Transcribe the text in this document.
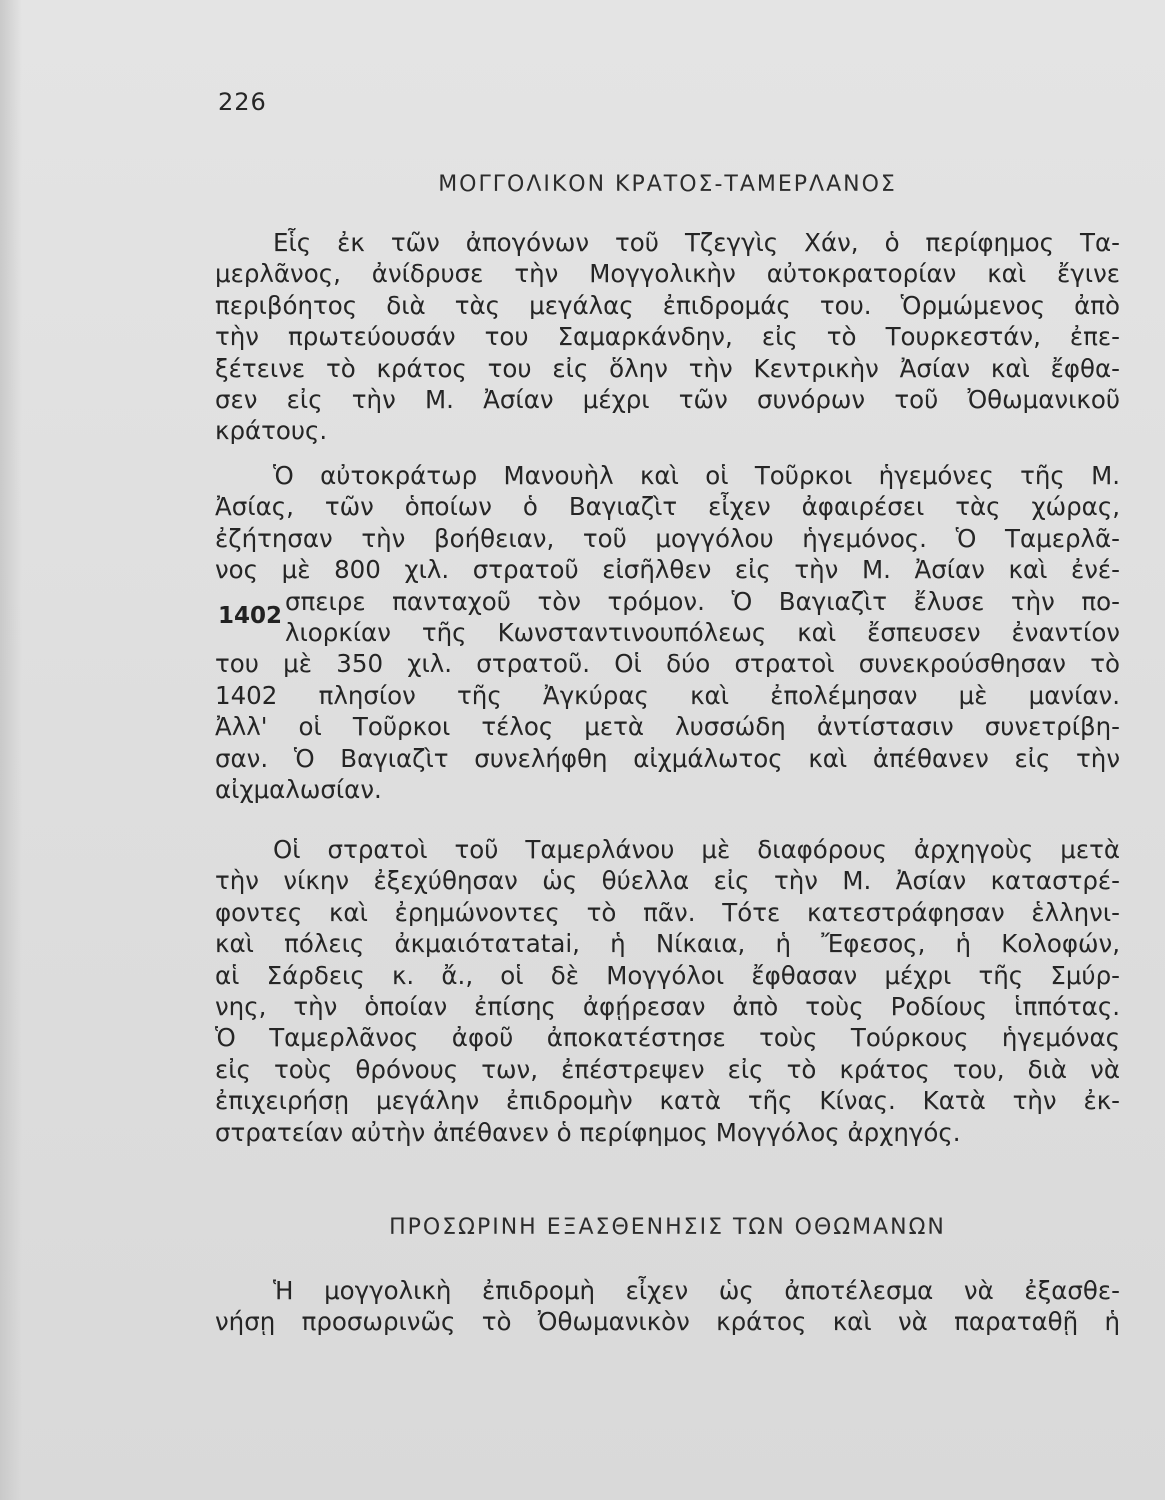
226
ΜΟΓΓΟΛΙΚΟΝ ΚΡΑΤΟΣ-ΤΑΜΕΡΛΑΝΟΣ
Εἷς ἐκ τῶν ἀπογόνων τοῦ Τζεγγὶς Χάν, ὁ περίφημος Τα-
μερλᾶνος, ἀνίδρυσε τὴν Μογγολικὴν αὐτοκρατορίαν καὶ ἔγινε
περιβόητος διὰ τὰς μεγάλας ἐπιδρομάς του. Ὁρμώμενος ἀπὸ
τὴν πρωτεύουσάν του Σαμαρκάνδην, εἰς τὸ Τουρκεστάν, ἐπε-
ξέτεινε τὸ κράτος του εἰς ὅλην τὴν Κεντρικὴν Ἀσίαν καὶ ἔφθα-
σεν εἰς τὴν Μ. Ἀσίαν μέχρι τῶν συνόρων τοῦ Ὀθωμανικοῦ
κράτους.
Ὁ αὐτοκράτωρ Μανουὴλ καὶ οἱ Τοῦρκοι ἡγεμόνες τῆς Μ.
Ἀσίας, τῶν ὁποίων ὁ Βαγιαζὶτ εἶχεν ἀφαιρέσει τὰς χώρας,
ἐζήτησαν τὴν βοήθειαν, τοῦ μογγόλου ἡγεμόνος. Ὁ Ταμερλᾶ-
νος μὲ 800 χιλ. στρατοῦ εἰσῆλθεν εἰς τὴν Μ. Ἀσίαν καὶ ἐνέ-
σπειρε πανταχοῦ τὸν τρόμον. Ὁ Βαγιαζὶτ ἔλυσε τὴν πο-
λιορκίαν τῆς Κωνσταντινουπόλεως καὶ ἔσπευσεν ἐναντίον
του μὲ 350 χιλ. στρατοῦ. Οἱ δύο στρατοὶ συνεκρούσθησαν τὸ
1402 πλησίον τῆς Ἀγκύρας καὶ ἐπολέμησαν μὲ μανίαν.
Ἀλλ' οἱ Τοῦρκοι τέλος μετὰ λυσσώδη ἀντίστασιν συνετρίβη-
σαν. Ὁ Βαγιαζὶτ συνελήφθη αἰχμάλωτος καὶ ἀπέθανεν εἰς τὴν
αἰχμαλωσίαν.
1402
Οἱ στρατοὶ τοῦ Ταμερλάνου μὲ διαφόρους ἀρχηγοὺς μετὰ
τὴν νίκην ἐξεχύθησαν ὡς θύελλα εἰς τὴν Μ. Ἀσίαν καταστρέ-
φοντες καὶ ἐρημώνοντες τὸ πᾶν. Τότε κατεστράφησαν ἑλληνι-
καὶ πόλεις ἀκμαιότατatai, ἡ Νίκαια, ἡ Ἔφεσος, ἡ Κολοφών,
αἱ Σάρδεις κ. ἄ., οἱ δὲ Μογγόλοι ἔφθασαν μέχρι τῆς Σμύρ-
νης, τὴν ὁποίαν ἐπίσης ἀφῄρεσαν ἀπὸ τοὺς Ροδίους ἱππότας.
Ὁ Ταμερλᾶνος ἀφοῦ ἀποκατέστησε τοὺς Τούρκους ἡγεμόνας
εἰς τοὺς θρόνους των, ἐπέστρεψεν εἰς τὸ κράτος του, διὰ νὰ
ἐπιχειρήσῃ μεγάλην ἐπιδρομὴν κατὰ τῆς Κίνας. Κατὰ τὴν ἐκ-
στρατείαν αὐτὴν ἀπέθανεν ὁ περίφημος Μογγόλος ἀρχηγός.
ΠΡΟΣΩΡΙΝΗ ΕΞΑΣΘΕΝΗΣΙΣ ΤΩΝ ΟΘΩΜΑΝΩΝ
Ἡ μογγολικὴ ἐπιδρομὴ εἶχεν ὡς ἀποτέλεσμα νὰ ἐξασθε-
νήσῃ προσωρινῶς τὸ Ὀθωμανικὸν κράτος καὶ νὰ παραταθῇ ἡ
